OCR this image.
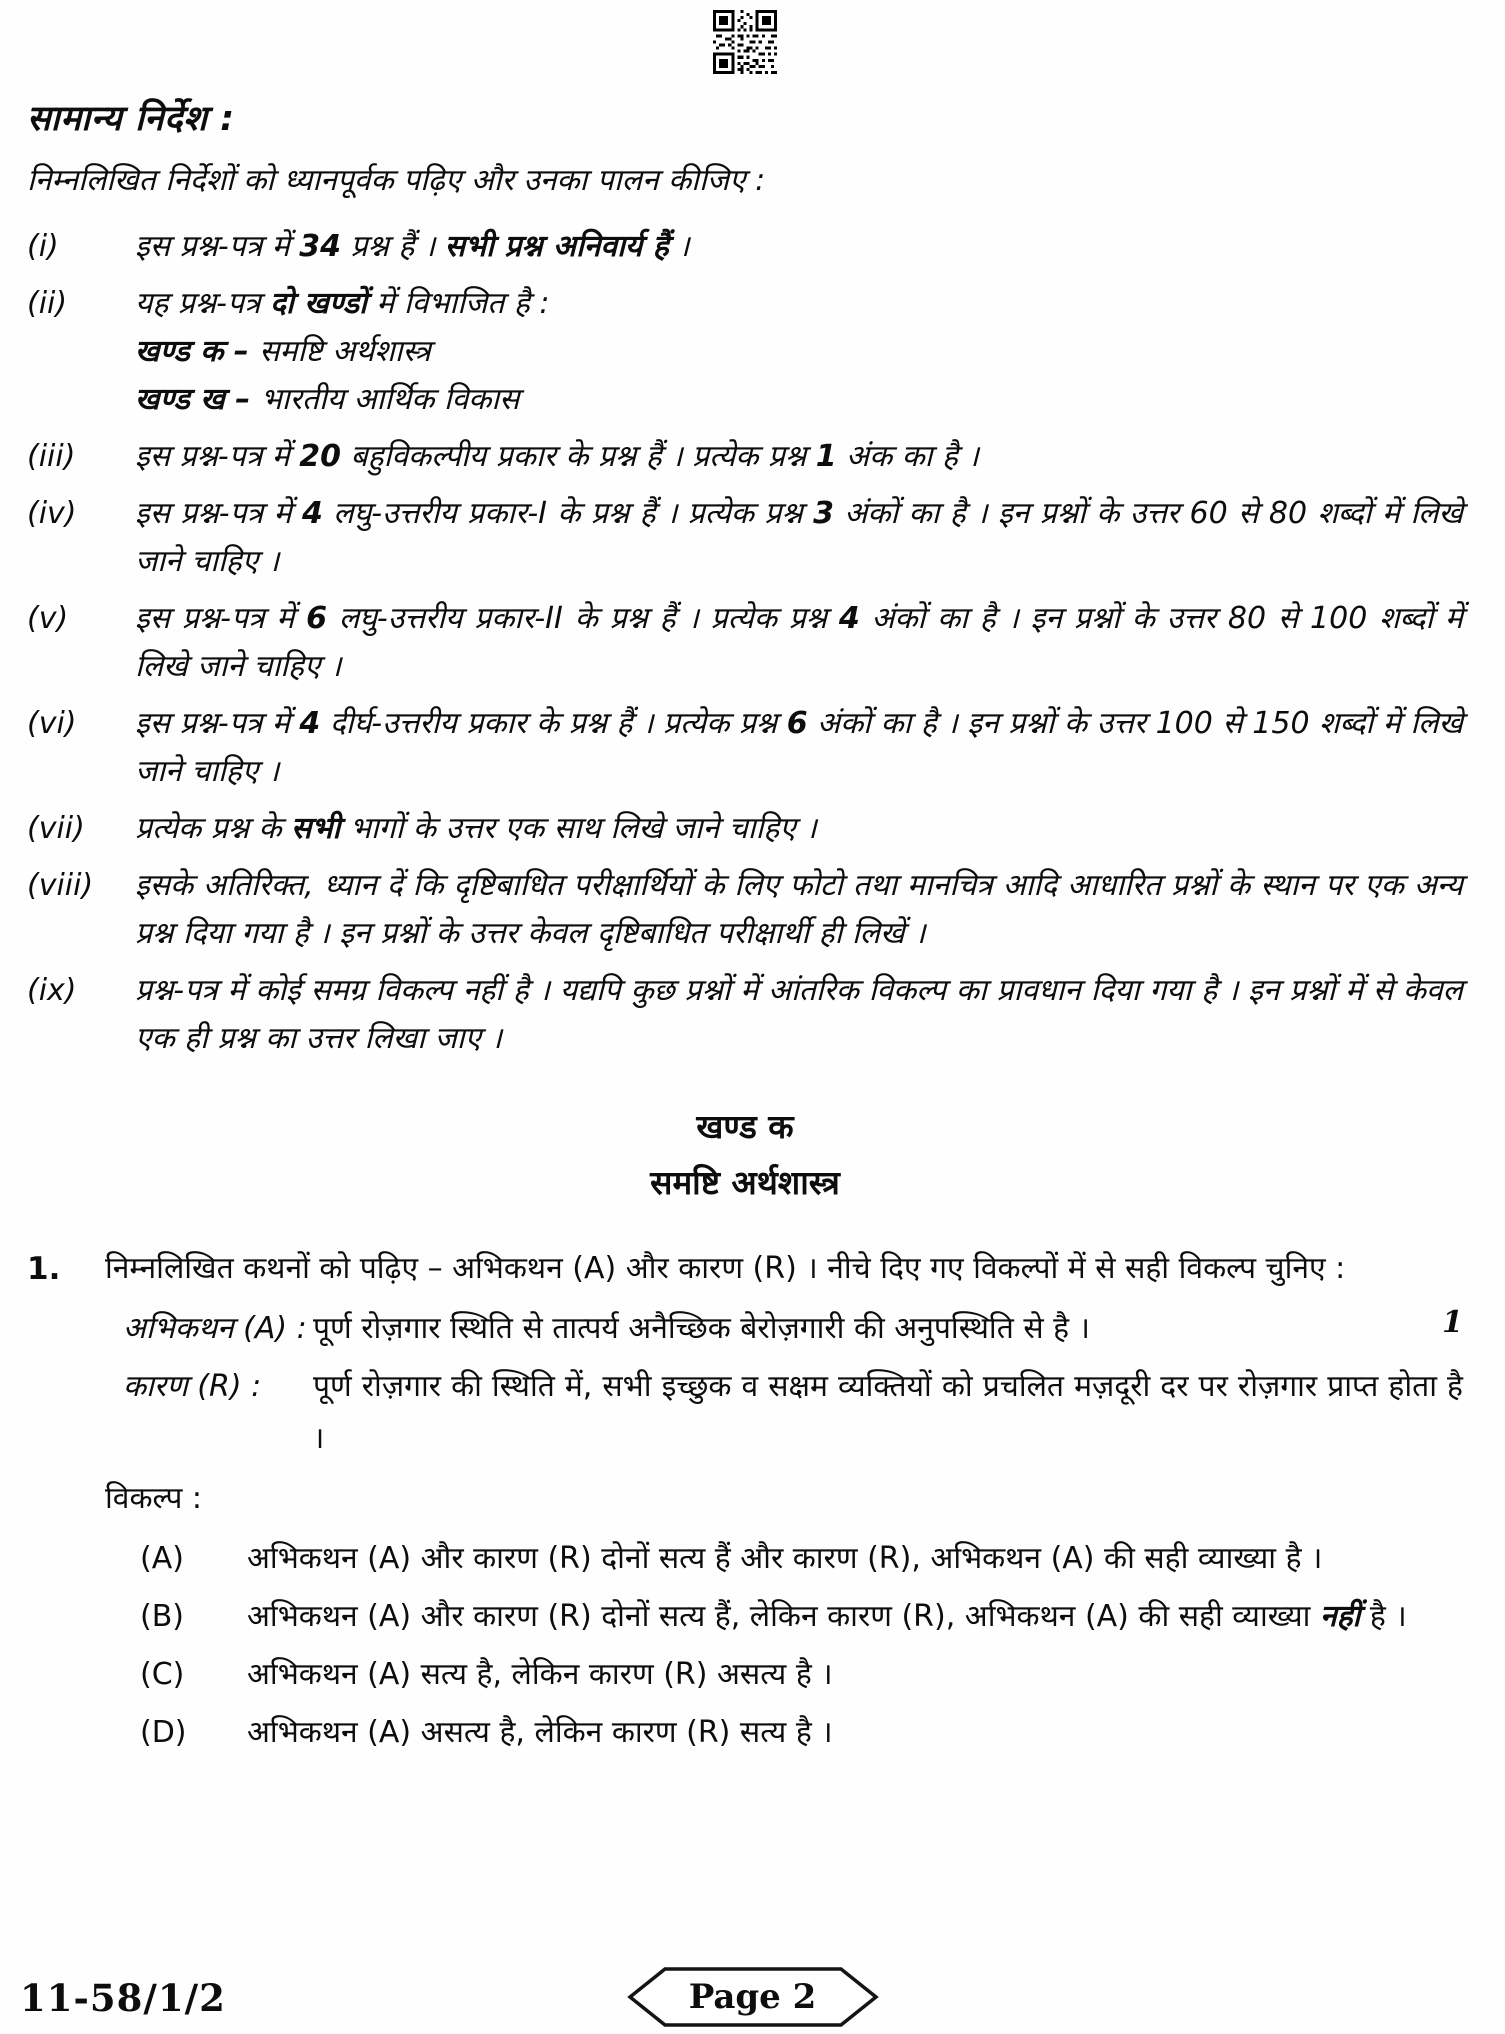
सामान्य निर्देश :
निम्नलिखित निर्देशों को ध्यानपूर्वक पढ़िए और उनका पालन कीजिए :
(i)	इस प्रश्न-पत्र में 34 प्रश्न हैं । सभी प्रश्न अनिवार्य हैं ।
(ii)	यह प्रश्न-पत्र दो खण्डों में विभाजित है :
खण्ड क – समष्टि अर्थशास्त्र
खण्ड ख – भारतीय आर्थिक विकास
(iii)	इस प्रश्न-पत्र में 20 बहुविकल्पीय प्रकार के प्रश्न हैं । प्रत्येक प्रश्न 1 अंक का है ।
(iv)	इस प्रश्न-पत्र में 4 लघु-उत्तरीय प्रकार-I के प्रश्न हैं । प्रत्येक प्रश्न 3 अंकों का है । इन प्रश्नों के उत्तर 60 से 80 शब्दों में लिखे जाने चाहिए ।
(v)	इस प्रश्न-पत्र में 6 लघु-उत्तरीय प्रकार-II के प्रश्न हैं । प्रत्येक प्रश्न 4 अंकों का है । इन प्रश्नों के उत्तर 80 से 100 शब्दों में लिखे जाने चाहिए ।
(vi)	इस प्रश्न-पत्र में 4 दीर्घ-उत्तरीय प्रकार के प्रश्न हैं । प्रत्येक प्रश्न 6 अंकों का है । इन प्रश्नों के उत्तर 100 से 150 शब्दों में लिखे जाने चाहिए ।
(vii)	प्रत्येक प्रश्न के सभी भागों के उत्तर एक साथ लिखे जाने चाहिए ।
(viii)	इसके अतिरिक्त, ध्यान दें कि दृष्टिबाधित परीक्षार्थियों के लिए फोटो तथा मानचित्र आदि आधारित प्रश्नों के स्थान पर एक अन्य प्रश्न दिया गया है । इन प्रश्नों के उत्तर केवल दृष्टिबाधित परीक्षार्थी ही लिखें ।
(ix)	प्रश्न-पत्र में कोई समग्र विकल्प नहीं है । यद्यपि कुछ प्रश्नों में आंतरिक विकल्प का प्रावधान दिया गया है । इन प्रश्नों में से केवल एक ही प्रश्न का उत्तर लिखा जाए ।
खण्ड क
समष्टि अर्थशास्त्र
1.
1
निम्नलिखित कथनों को पढ़िए – अभिकथन (A) और कारण (R) । नीचे दिए गए विकल्पों में से सही विकल्प चुनिए :
अभिकथन (A) : पूर्ण रोज़गार स्थिति से तात्पर्य अनैच्छिक बेरोज़गारी की अनुपस्थिति से है ।
कारण (R) :	पूर्ण रोज़गार की स्थिति में, सभी इच्छुक व सक्षम व्यक्तियों को प्रचलित मज़दूरी दर पर रोज़गार प्राप्त होता है ।
विकल्प :
(A)	अभिकथन (A) और कारण (R) दोनों सत्य हैं और कारण (R), अभिकथन (A) की सही व्याख्या है ।
(B)	अभिकथन (A) और कारण (R) दोनों सत्य हैं, लेकिन कारण (R), अभिकथन (A) की सही व्याख्या नहीं है ।
(C)	अभिकथन (A) सत्य है, लेकिन कारण (R) असत्य है ।
(D)	अभिकथन (A) असत्य है, लेकिन कारण (R) सत्य है ।
11-58/1/2	Page 2
